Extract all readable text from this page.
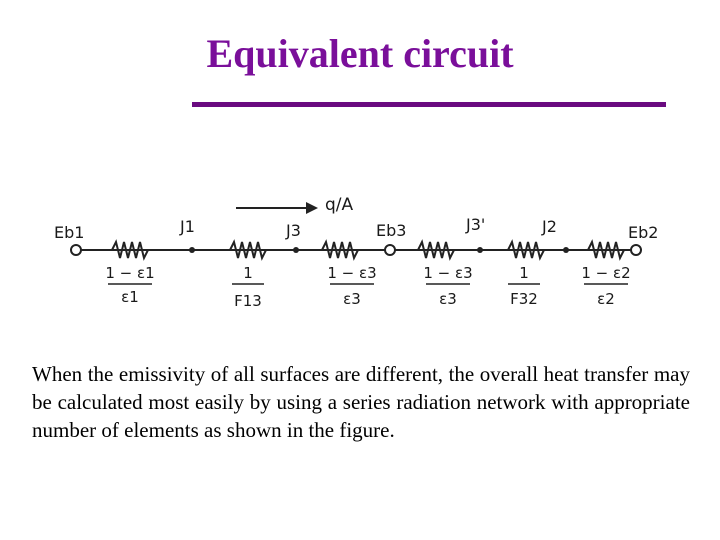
Equivalent circuit
q/A
Eb1	J1	J3	Eb3	J3'	J2	Eb2
1 − ε1
ε1
1
F13
1 − ε3
ε3
1 − ε3
ε3
1
F32
1 − ε2
ε2
When the emissivity of all surfaces are different, the overall heat transfer may be calculated most easily by using a series radiation network with appropriate number of elements as shown in the figure.
